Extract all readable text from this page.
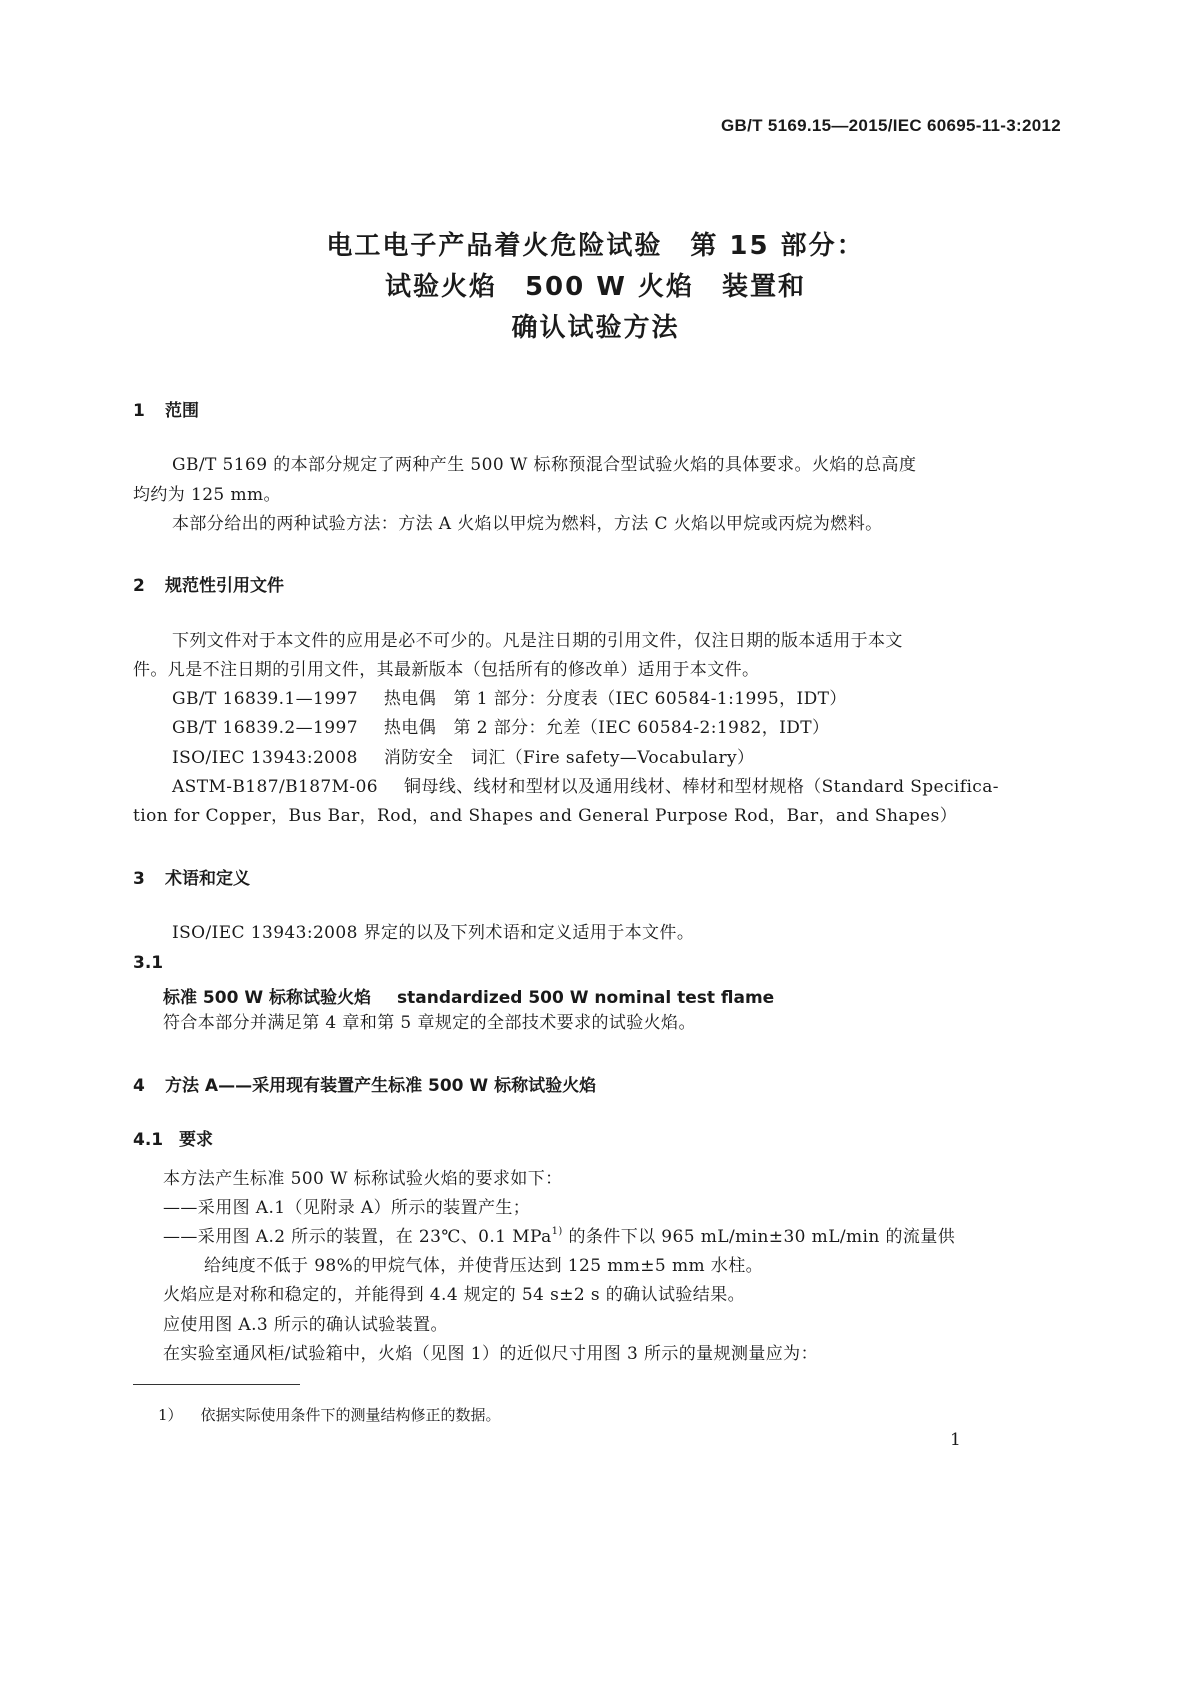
GB/T 5169.15—2015/IEC 60695-11-3:2012
电工电子产品着火危险试验　第 15 部分：
试验火焰　500 W 火焰　装置和
确认试验方法
1 范围
GB/T 5169 的本部分规定了两种产生 500 W 标称预混合型试验火焰的具体要求。火焰的总高度
均约为 125 mm。
本部分给出的两种试验方法：方法 A 火焰以甲烷为燃料，方法 C 火焰以甲烷或丙烷为燃料。
2 规范性引用文件
下列文件对于本文件的应用是必不可少的。凡是注日期的引用文件，仅注日期的版本适用于本文
件。凡是不注日期的引用文件，其最新版本（包括所有的修改单）适用于本文件。
GB/T 16839.1—1997 热电偶　第 1 部分：分度表（IEC 60584-1:1995，IDT）
GB/T 16839.2—1997 热电偶　第 2 部分：允差（IEC 60584-2:1982，IDT）
ISO/IEC 13943:2008 消防安全　词汇（Fire safety—Vocabulary）
ASTM-B187/B187M-06 铜母线、线材和型材以及通用线材、棒材和型材规格（Standard Specifica-
tion for Copper，Bus Bar，Rod，and Shapes and General Purpose Rod，Bar，and Shapes）
3 术语和定义
ISO/IEC 13943:2008 界定的以及下列术语和定义适用于本文件。
3.1
标准 500 W 标称试验火焰 standardized 500 W nominal test flame
符合本部分并满足第 4 章和第 5 章规定的全部技术要求的试验火焰。
4 方法 A——采用现有装置产生标准 500 W 标称试验火焰
4.1 要求
本方法产生标准 500 W 标称试验火焰的要求如下：
——采用图 A.1（见附录 A）所示的装置产生；
——采用图 A.2 所示的装置，在 23℃、0.1 MPa$^{1)}$ 的条件下以 965 mL/min±30 mL/min 的流量供
给纯度不低于 98%的甲烷气体，并使背压达到 125 mm±5 mm 水柱。
火焰应是对称和稳定的，并能得到 4.4 规定的 54 s±2 s 的确认试验结果。
应使用图 A.3 所示的确认试验装置。
在实验室通风柜/试验箱中，火焰（见图 1）的近似尺寸用图 3 所示的量规测量应为：
1） 依据实际使用条件下的测量结构修正的数据。
1
